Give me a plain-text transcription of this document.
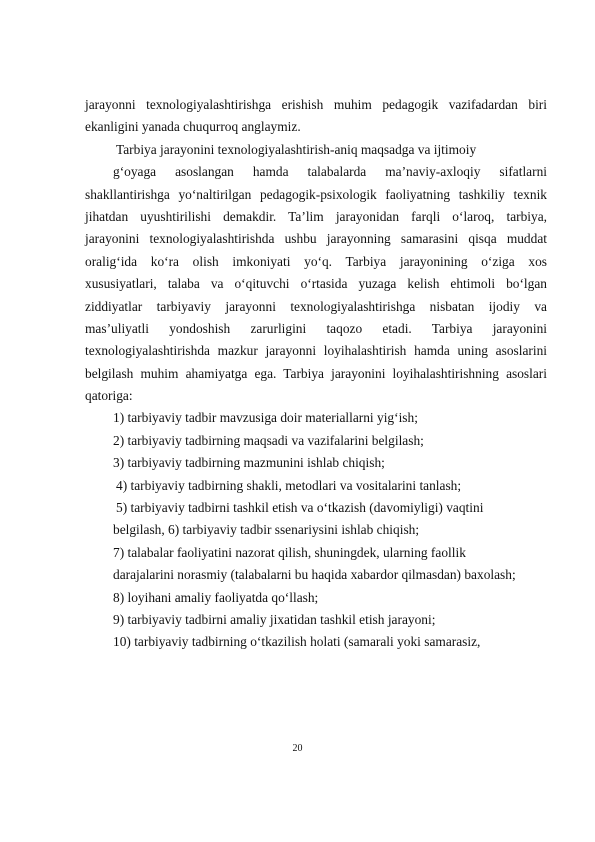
jarayonni texnologiyalashtirishga erishish muhim pedagogik vazifadardan biri
ekanligini yanada chuqurroq anglaymiz.
Tarbiya jarayonini texnologiyalashtirish-aniq maqsadga va ijtimoiy
g‘oyaga asoslangan hamda talabalarda ma’naviy-axloqiy sifatlarni
shakllantirishga yo‘naltirilgan pedagogik-psixologik faoliyatning tashkiliy texnik
jihatdan uyushtirilishi demakdir. Ta’lim jarayonidan farqli o‘laroq, tarbiya,
jarayonini texnologiyalashtirishda ushbu jarayonning samarasini qisqa muddat
oralig‘ida ko‘ra olish imkoniyati yo‘q. Tarbiya jarayonining o‘ziga xos
xususiyatlari, talaba va o‘qituvchi o‘rtasida yuzaga kelish ehtimoli bo‘lgan
ziddiyatlar tarbiyaviy jarayonni texnologiyalashtirishga nisbatan ijodiy va
mas’uliyatli yondoshish zarurligini taqozo etadi. Tarbiya jarayonini
texnologiyalashtirishda mazkur jarayonni loyihalashtirish hamda uning asoslarini
belgilash muhim ahamiyatga ega. Tarbiya jarayonini loyihalashtirishning asoslari
qatoriga:
1) tarbiyaviy tadbir mavzusiga doir materiallarni yig‘ish;
2) tarbiyaviy tadbirning maqsadi va vazifalarini belgilash;
3) tarbiyaviy tadbirning mazmunini ishlab chiqish;
4) tarbiyaviy tadbirning shakli, metodlari va vositalarini tanlash;
5) tarbiyaviy tadbirni tashkil etish va o‘tkazish (davomiyligi) vaqtini
belgilash, 6) tarbiyaviy tadbir ssenariysini ishlab chiqish;
7) talabalar faoliyatini nazorat qilish, shuningdek, ularning faollik
darajalarini norasmiy (talabalarni bu haqida xabardor qilmasdan) baxolash;
8) loyihani amaliy faoliyatda qo‘llash;
9) tarbiyaviy tadbirni amaliy jixatidan tashkil etish jarayoni;
10) tarbiyaviy tadbirning o‘tkazilish holati (samarali yoki samarasiz,
20
